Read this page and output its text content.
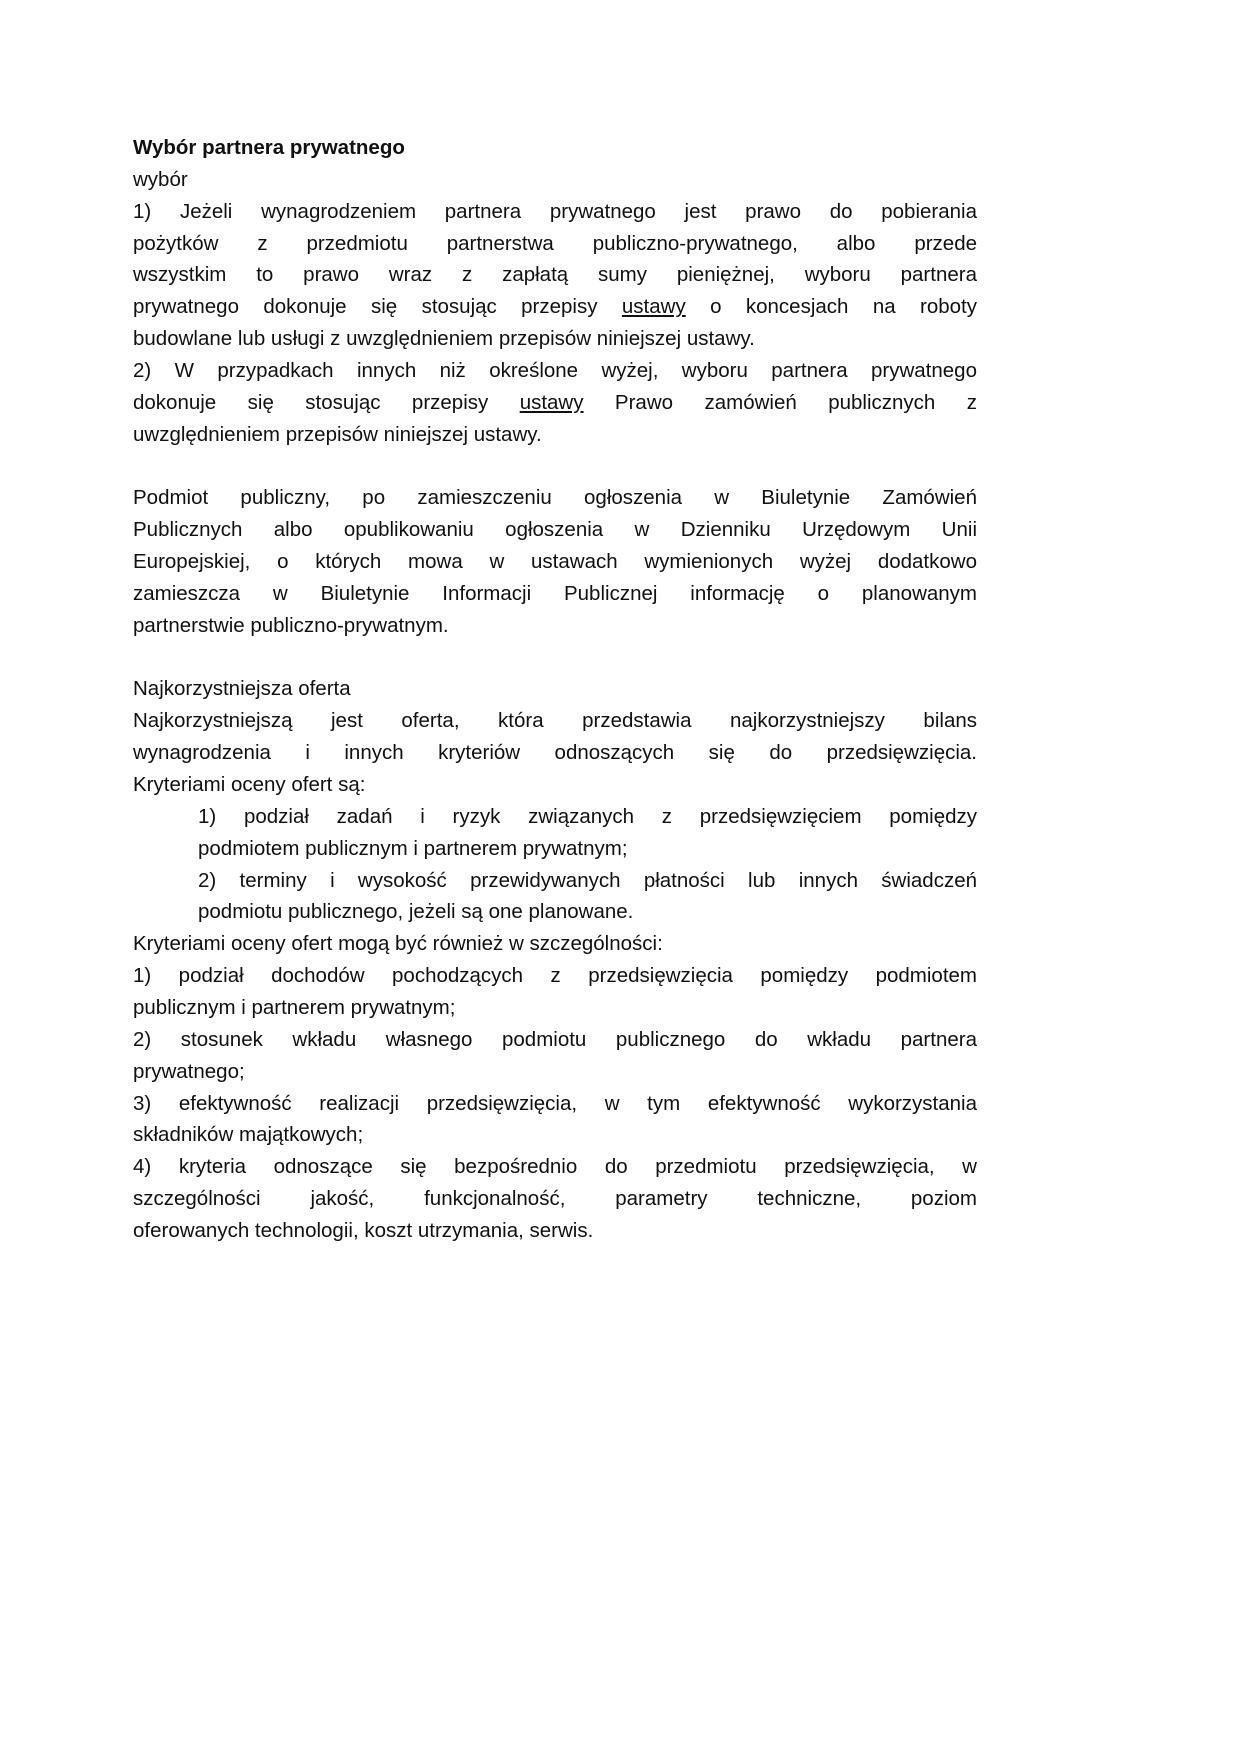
Wybór partnera prywatnego
wybór
1) Jeżeli wynagrodzeniem partnera prywatnego jest prawo do pobierania
pożytków z przedmiotu partnerstwa publiczno-prywatnego, albo przede
wszystkim to prawo wraz z zapłatą sumy pieniężnej, wyboru partnera
prywatnego dokonuje się stosując przepisy ustawy o koncesjach na roboty
budowlane lub usługi z uwzględnieniem przepisów niniejszej ustawy.
2) W przypadkach innych niż określone wyżej, wyboru partnera prywatnego
dokonuje się stosując przepisy ustawy Prawo zamówień publicznych z
uwzględnieniem przepisów niniejszej ustawy.
Podmiot publiczny, po zamieszczeniu ogłoszenia w Biuletynie Zamówień
Publicznych albo opublikowaniu ogłoszenia w Dzienniku Urzędowym Unii
Europejskiej, o których mowa w ustawach wymienionych wyżej dodatkowo
zamieszcza w Biuletynie Informacji Publicznej informację o planowanym
partnerstwie publiczno-prywatnym.
Najkorzystniejsza oferta
Najkorzystniejszą jest oferta, która przedstawia najkorzystniejszy bilans
wynagrodzenia i innych kryteriów odnoszących się do przedsięwzięcia.
Kryteriami oceny ofert są:
1) podział zadań i ryzyk związanych z przedsięwzięciem pomiędzy
podmiotem publicznym i partnerem prywatnym;
2) terminy i wysokość przewidywanych płatności lub innych świadczeń
podmiotu publicznego, jeżeli są one planowane.
Kryteriami oceny ofert mogą być również w szczególności:
1) podział dochodów pochodzących z przedsięwzięcia pomiędzy podmiotem
publicznym i partnerem prywatnym;
2) stosunek wkładu własnego podmiotu publicznego do wkładu partnera
prywatnego;
3) efektywność realizacji przedsięwzięcia, w tym efektywność wykorzystania
składników majątkowych;
4) kryteria odnoszące się bezpośrednio do przedmiotu przedsięwzięcia, w
szczególności jakość, funkcjonalność, parametry techniczne, poziom
oferowanych technologii, koszt utrzymania, serwis.
